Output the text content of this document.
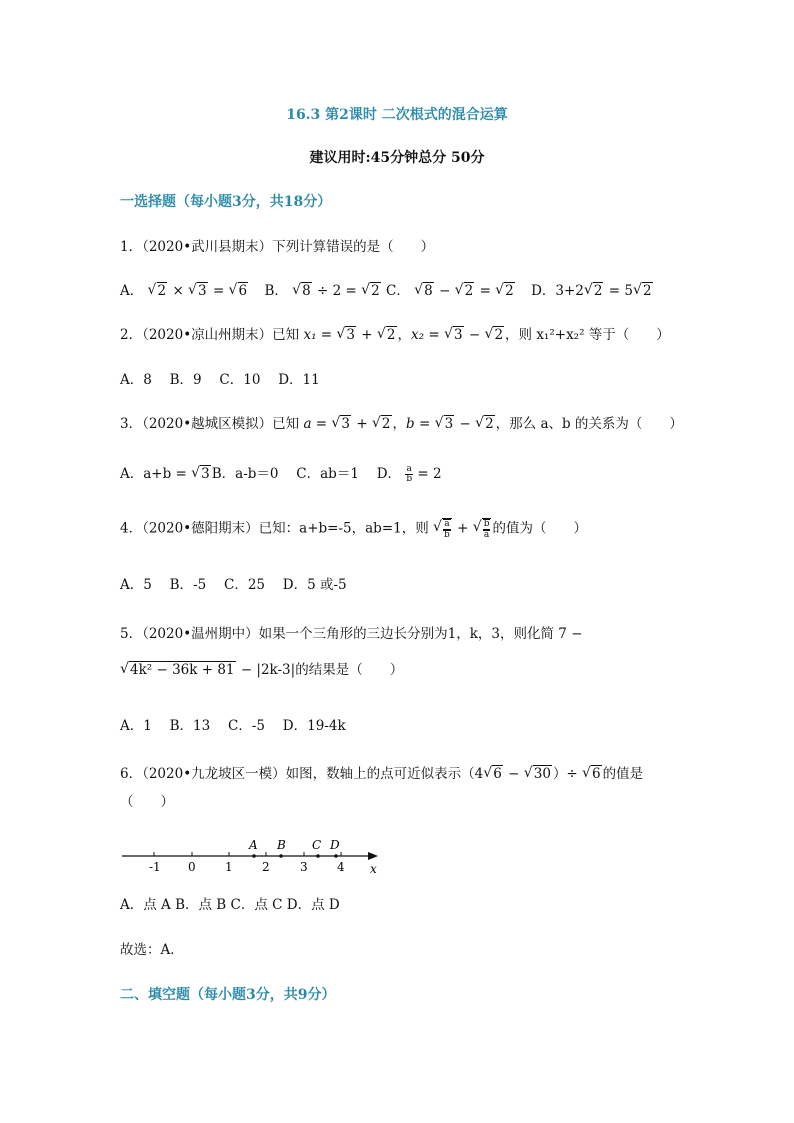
16.3 第2课时 二次根式的混合运算
建议用时:45分钟总分 50分
一选择题（每小题3分，共18分）
1．（2020•武川县期末）下列计算错误的是（　　）
A． √ 2 × √ 3 = √ 6 B． √ 8 ÷ 2 = √ 2 C． √ 8 − √ 2 = √ 2 D．3+2 √ 2 = 5 √ 2
2．（2020•凉山州期末）已知 x₁ = √ 3 + √ 2 ，x₂ = √ 3 − √ 2 ，则 x₁²+x₂² 等于（　　）
A．8　 B．9　 C．10　 D．11
3．（2020•越城区模拟）已知 a = √ 3 + √ 2 ，b = √ 3 − √ 2 ，那么 a、b 的关系为（　　）
A．a+b = √ 3 B．a-b＝0　 C．ab＝1　 D． $\frac{a}{b} = 2$
4．（2020•德阳期末）已知：a+b=-5，ab=1，则 √ $\frac{a}{b}$ + √ $\frac{b}{a}$ 的值为（　　）
A．5　 B．-5　 C．25　 D．5 或-5
5．（2020•温州期中）如果一个三角形的三边长分别为1，k，3，则化简 7 −
√ 4k² − 36k + 81 − |2k-3|的结果是（　　）
A．1　 B．13　 C．-5　 D．19-4k
6．（2020•九龙坡区一模）如图，数轴上的点可近似表示（4 √ 6 − √ 30 ）÷ √ 6 的值是
（　　）
-1 0 1 2	3 4
A B C D
x
A．点 A B．点 B C．点 C D．点 D
故选：A．
二、填空题（每小题3分，共9分）
